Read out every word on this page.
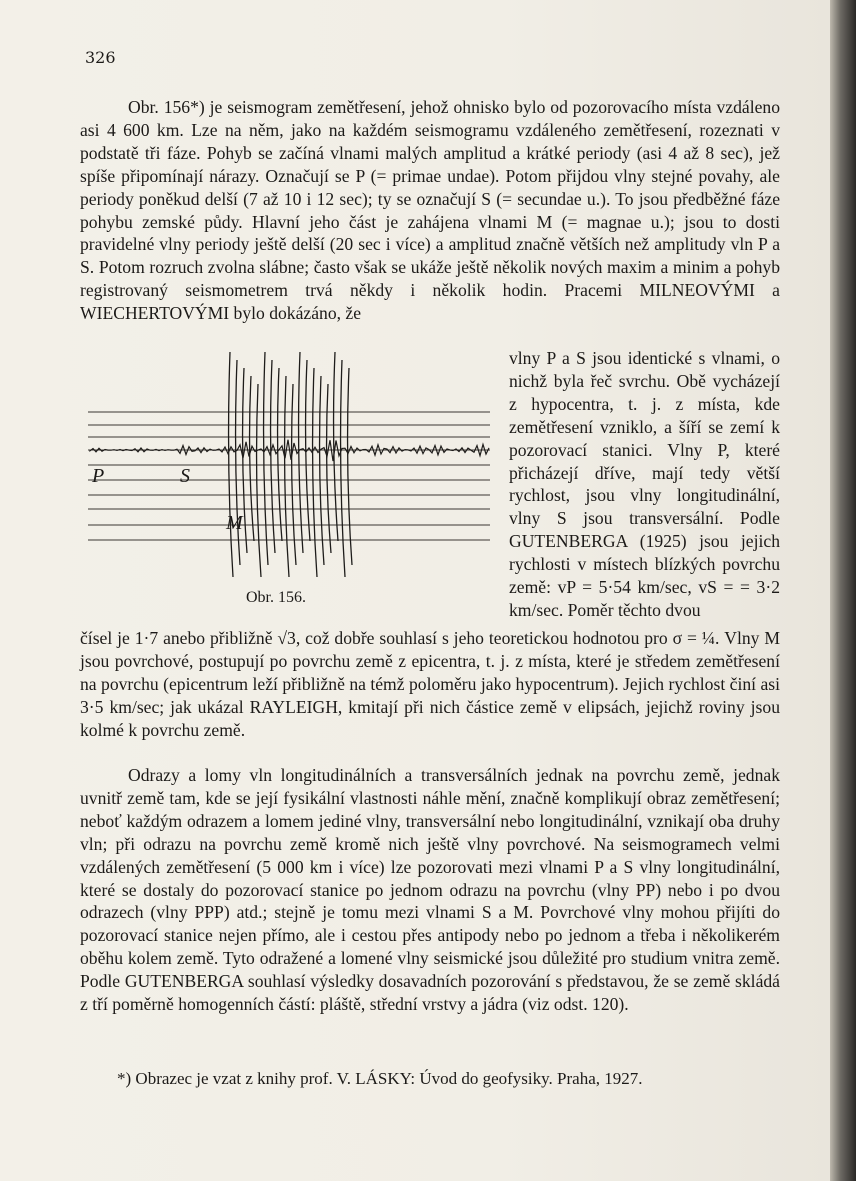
326
Obr. 156*) je seismogram zemětřesení, jehož ohnisko bylo od pozorovacího místa vzdáleno asi 4 600 km. Lze na něm, jako na každém seismogramu vzdáleného zemětřesení, rozeznati v podstatě tři fáze. Pohyb se začíná vlnami malých amplitud a krátké periody (asi 4 až 8 sec), jež spíše připomínají nárazy. Označují se P (= primae undae). Potom přijdou vlny stejné povahy, ale periody poněkud delší (7 až 10 i 12 sec); ty se označují S (= secundae u.). To jsou předběžné fáze pohybu zemské půdy. Hlavní jeho část je zahájena vlnami M (= magnae u.); jsou to dosti pravidelné vlny periody ještě delší (20 sec i více) a amplitud značně větších než amplitudy vln P a S. Potom rozruch zvolna slábne; často však se ukáže ještě několik nových maxim a minim a pohyb registrovaný seismometrem trvá někdy i několik hodin. Pracemi MILNEOVÝMI a WIECHERTOVÝMI bylo dokázáno, že
P	S
M
Obr. 156.
vlny P a S jsou identické s vlnami, o nichž byla řeč svrchu. Obě vycházejí z hypocentra, t. j. z místa, kde zemětřesení vzniklo, a šíří se zemí k pozorovací stanici. Vlny P, které přicházejí dříve, mají tedy větší rychlost, jsou vlny longitudinální, vlny S jsou transversální. Podle GUTENBERGA (1925) jsou jejich rychlosti v místech blízkých povrchu země: vP = 5·54 km/sec, vS = = 3·2 km/sec. Poměr těchto dvou
čísel je 1·7 anebo přibližně √3, což dobře souhlasí s jeho teoretickou hodnotou pro σ = ¼. Vlny M jsou povrchové, postupují po povrchu země z epicentra, t. j. z místa, které je středem zemětřesení na povrchu (epicentrum leží přibližně na témž poloměru jako hypocentrum). Jejich rychlost činí asi 3·5 km/sec; jak ukázal RAYLEIGH, kmitají při nich částice země v elipsách, jejichž roviny jsou kolmé k povrchu země.
Odrazy a lomy vln longitudinálních a transversálních jednak na povrchu země, jednak uvnitř země tam, kde se její fysikální vlastnosti náhle mění, značně komplikují obraz zemětřesení; neboť každým odrazem a lomem jediné vlny, transversální nebo longitudinální, vznikají oba druhy vln; při odrazu na povrchu země kromě nich ještě vlny povrchové. Na seismogramech velmi vzdálených zemětřesení (5 000 km i více) lze pozorovati mezi vlnami P a S vlny longitudinální, které se dostaly do pozorovací stanice po jednom odrazu na povrchu (vlny PP) nebo i po dvou odrazech (vlny PPP) atd.; stejně je tomu mezi vlnami S a M. Povrchové vlny mohou přijíti do pozorovací stanice nejen přímo, ale i cestou přes antipody nebo po jednom a třeba i několikerém oběhu kolem země. Tyto odražené a lomené vlny seismické jsou důležité pro studium vnitra země. Podle GUTENBERGA souhlasí výsledky dosavadních pozorování s představou, že se země skládá z tří poměrně homogenních částí: pláště, střední vrstvy a jádra (viz odst. 120).
*) Obrazec je vzat z knihy prof. V. LÁSKY: Úvod do geofysiky. Praha, 1927.
